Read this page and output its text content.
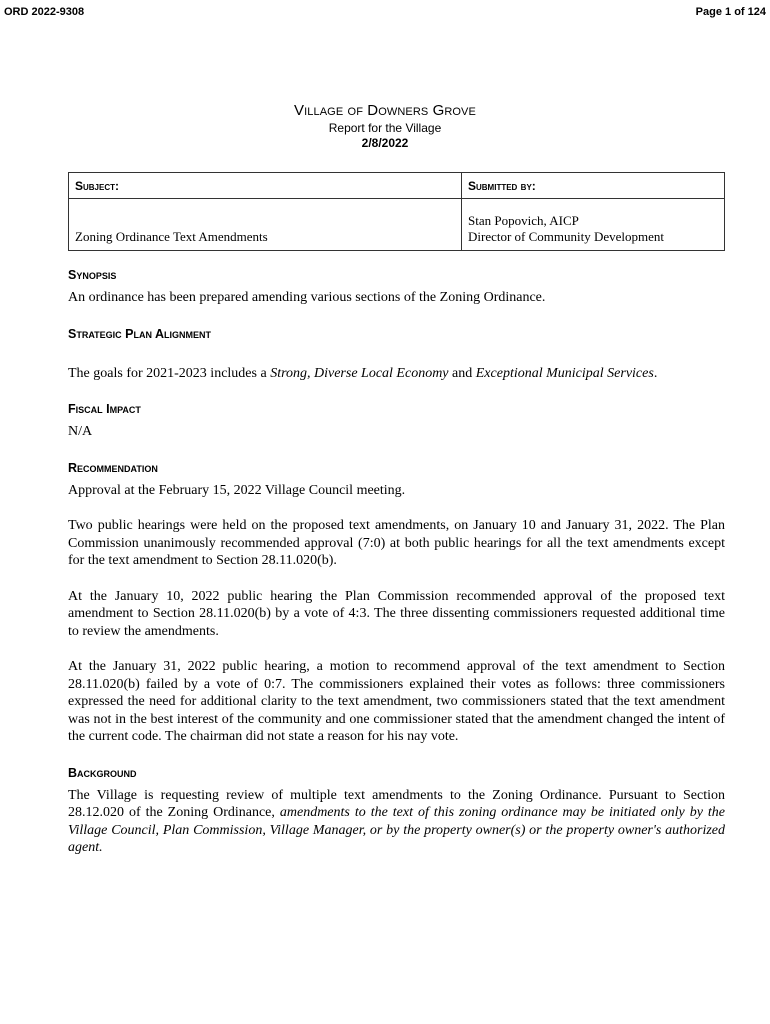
ORD 2022-9308	Page 1 of 124
Village of Downers Grove
Report for the Village
2/8/2022
Subject:	Submitted by:
Zoning Ordinance Text Amendments	Stan Popovich, AICP
Director of Community Development
Synopsis

An ordinance has been prepared amending various sections of the Zoning Ordinance.

Strategic Plan Alignment

The goals for 2021-2023 includes a Strong, Diverse Local Economy and Exceptional Municipal Services.

Fiscal Impact

N/A

Recommendation

Approval at the February 15, 2022 Village Council meeting.

Two public hearings were held on the proposed text amendments, on January 10 and January 31, 2022. The Plan Commission unanimously recommended approval (7:0) at both public hearings for all the text amendments except for the text amendment to Section 28.11.020(b).

At the January 10, 2022 public hearing the Plan Commission recommended approval of the proposed text amendment to Section 28.11.020(b) by a vote of 4:3. The three dissenting commissioners requested additional time to review the amendments.

At the January 31, 2022 public hearing, a motion to recommend approval of the text amendment to Section 28.11.020(b) failed by a vote of 0:7. The commissioners explained their votes as follows: three commissioners expressed the need for additional clarity to the text amendment, two commissioners stated that the text amendment was not in the best interest of the community and one commissioner stated that the amendment changed the intent of the current code. The chairman did not state a reason for his nay vote.

Background

The Village is requesting review of multiple text amendments to the Zoning Ordinance. Pursuant to Section 28.12.020 of the Zoning Ordinance, amendments to the text of this zoning ordinance may be initiated only by the Village Council, Plan Commission, Village Manager, or by the property owner(s) or the property owner's authorized agent.
